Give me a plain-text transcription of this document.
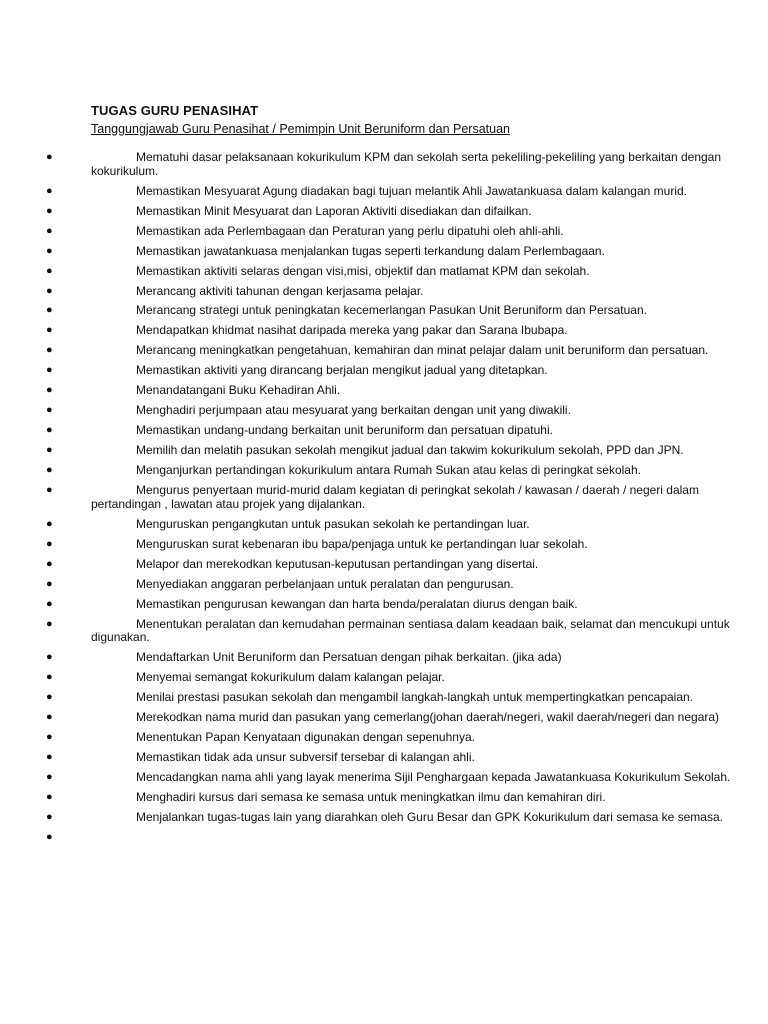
TUGAS GURU PENASIHAT

Tanggungjawab Guru Penasihat / Pemimpin Unit Beruniform dan Persatuan

●	Mematuhi dasar pelaksanaan kokurikulum KPM dan sekolah serta pekeliling-pekeliling yang berkaitan dengan kokurikulum.
●	Memastikan Mesyuarat Agung diadakan bagi tujuan melantik Ahli Jawatankuasa dalam kalangan murid.
●	Memastikan Minit Mesyuarat dan Laporan Aktiviti disediakan dan difailkan.
●	Memastikan ada Perlembagaan dan Peraturan yang perlu dipatuhi oleh ahli-ahli.
●	Memastikan jawatankuasa menjalankan tugas seperti terkandung dalam Perlembagaan.
●	Memastikan aktiviti selaras dengan visi,misi, objektif dan matlamat KPM dan sekolah.
●	Merancang aktiviti tahunan dengan kerjasama pelajar.
●	Merancang strategi untuk peningkatan kecemerlangan Pasukan Unit Beruniform dan Persatuan.
●	Mendapatkan khidmat nasihat daripada mereka yang pakar dan Sarana Ibubapa.
●	Merancang meningkatkan pengetahuan, kemahiran dan minat pelajar dalam unit beruniform dan persatuan.
●	Memastikan aktiviti yang dirancang berjalan mengikut jadual yang ditetapkan.
●	Menandatangani Buku Kehadiran Ahli.
●	Menghadiri perjumpaan atau mesyuarat yang berkaitan dengan unit yang diwakili.
●	Memastikan undang-undang berkaitan unit beruniform dan persatuan dipatuhi.
●	Memilih dan melatih pasukan sekolah mengikut jadual dan takwim kokurikulum sekolah, PPD dan JPN.
●	Menganjurkan pertandingan kokurikulum antara Rumah Sukan atau kelas di peringkat sekolah.
●	Mengurus penyertaan murid-murid dalam kegiatan di peringkat sekolah / kawasan / daerah / negeri dalam pertandingan , lawatan atau projek yang dijalankan.
●	Menguruskan pengangkutan untuk pasukan sekolah ke pertandingan luar.
●	Menguruskan surat kebenaran ibu bapa/penjaga untuk ke pertandingan luar sekolah.
●	Melapor dan merekodkan keputusan-keputusan pertandingan yang disertai.
●	Menyediakan anggaran perbelanjaan untuk peralatan dan pengurusan.
●	Memastikan pengurusan kewangan dan harta benda/peralatan diurus dengan baik.
●	Menentukan peralatan dan kemudahan permainan sentiasa dalam keadaan baik, selamat dan mencukupi untuk digunakan.
●	Mendaftarkan Unit Beruniform dan Persatuan dengan pihak berkaitan. (jika ada)
●	Menyemai semangat kokurikulum dalam kalangan pelajar.
●	Menilai prestasi pasukan sekolah dan mengambil langkah-langkah untuk mempertingkatkan pencapaian.
●	Merekodkan nama murid dan pasukan yang cemerlang(johan daerah/negeri, wakil daerah/negeri dan negara)
●	Menentukan Papan Kenyataan digunakan dengan sepenuhnya.
●	Memastikan tidak ada unsur subversif tersebar di kalangan ahli.
●	Mencadangkan nama ahli yang layak menerima Sijil Penghargaan kepada Jawatankuasa Kokurikulum Sekolah.
●	Menghadiri kursus dari semasa ke semasa untuk meningkatkan ilmu dan kemahiran diri.
●	Menjalankan tugas-tugas lain yang diarahkan oleh Guru Besar dan GPK Kokurikulum dari semasa ke semasa.
●
